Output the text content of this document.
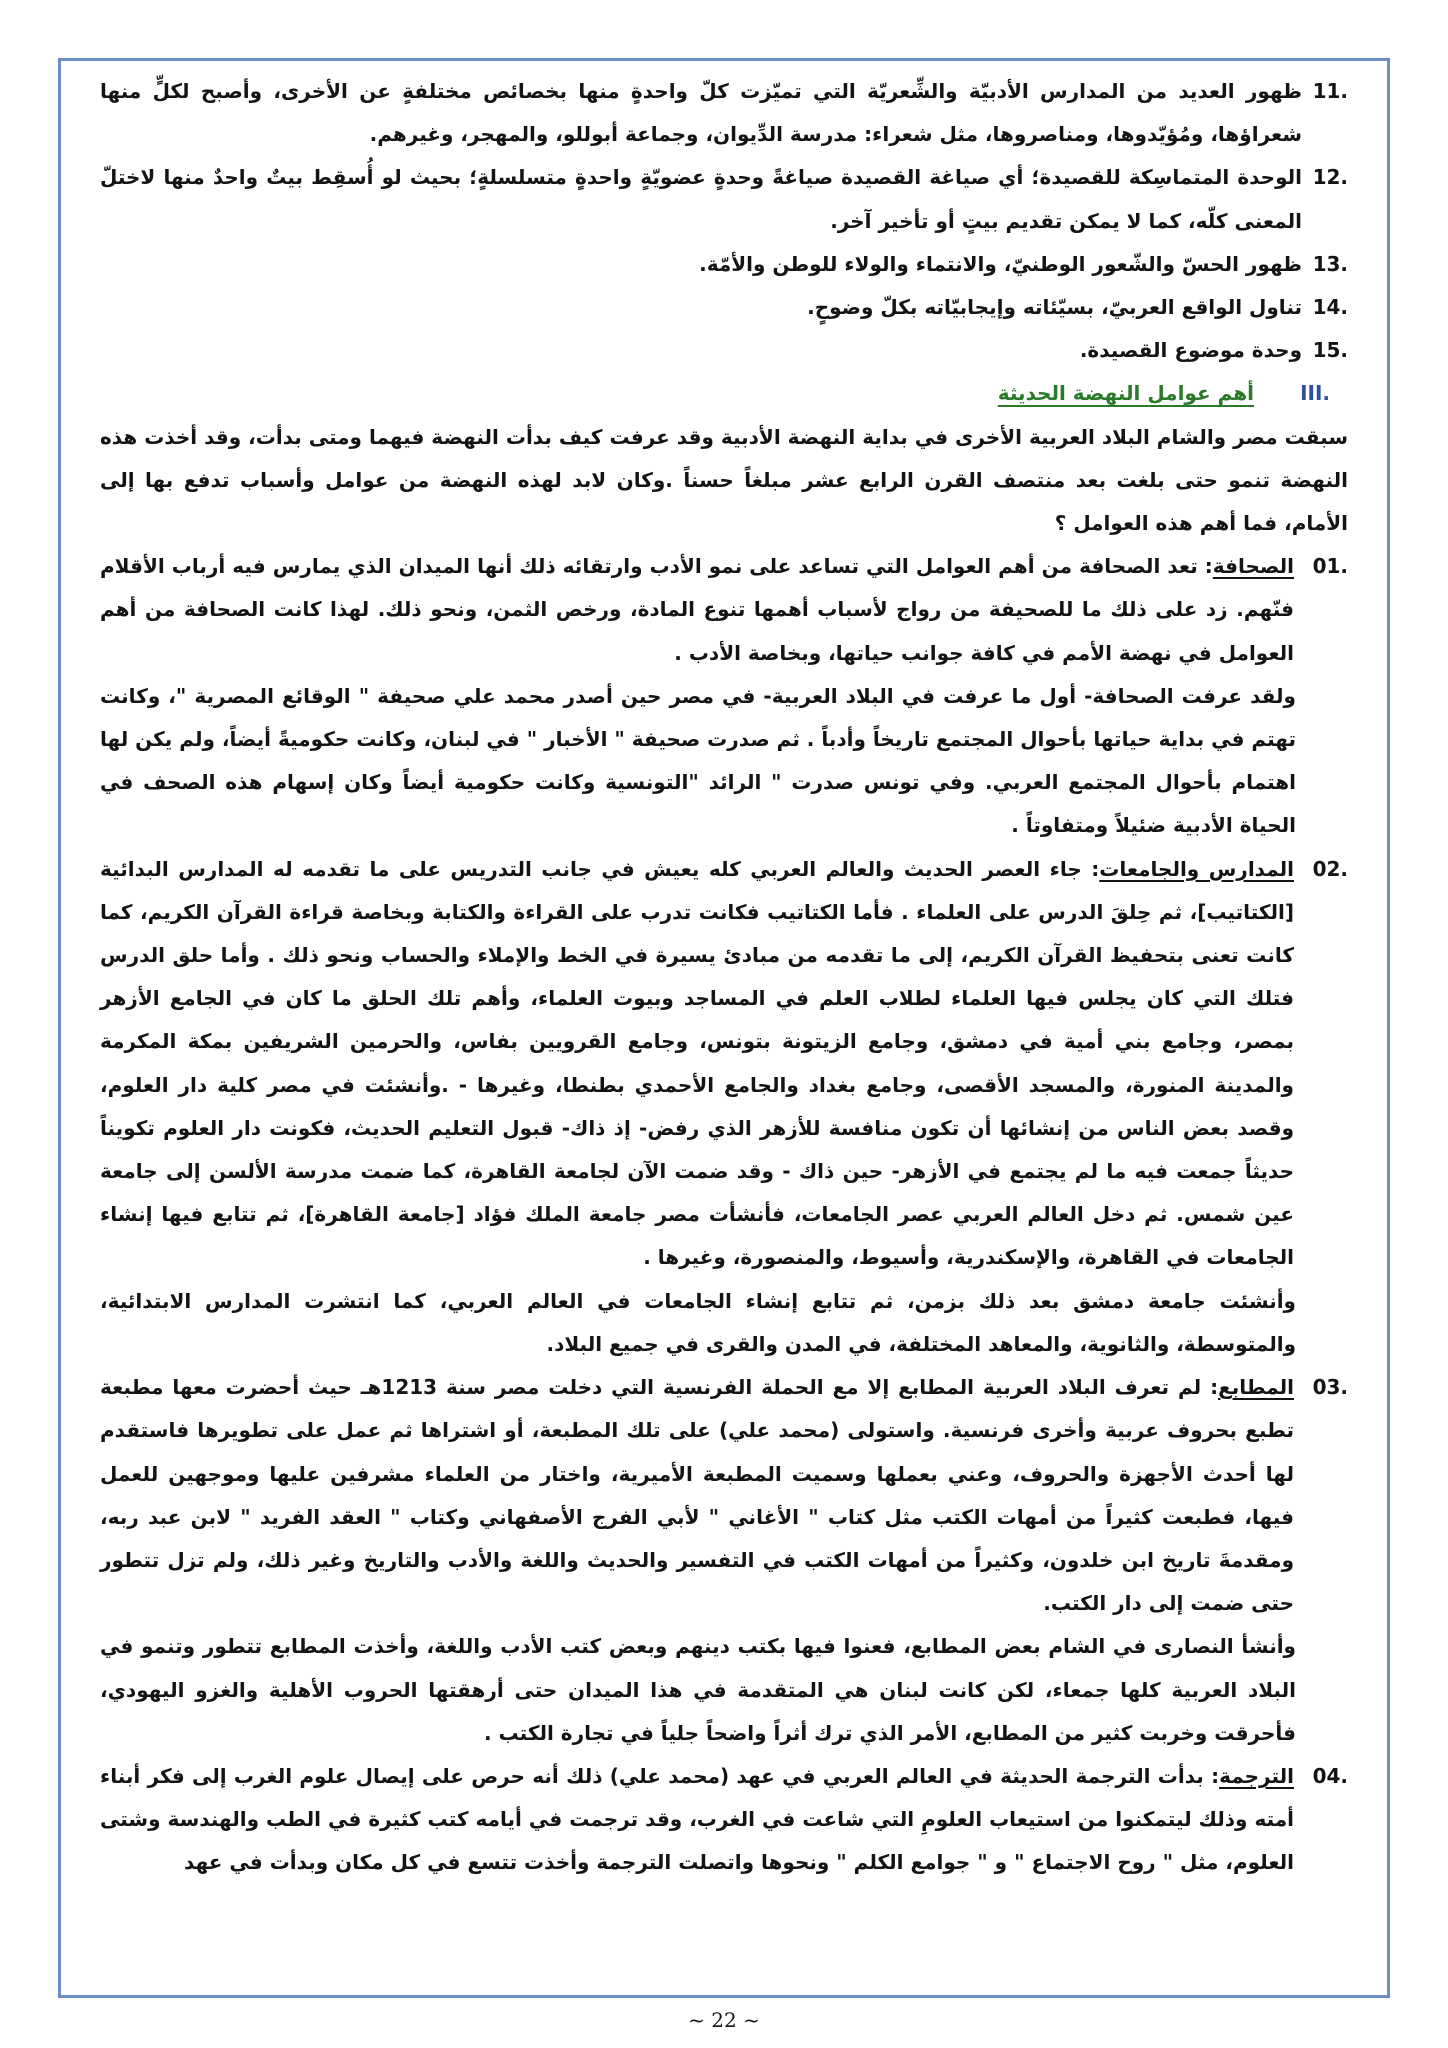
11.

ظهور العديد من المدارس الأدبيّة والشِّعريّة التي تميّزت كلّ واحدةٍ منها بخصائص مختلفةٍ عن الأخرى، وأصبح لكلٍّ منها شعراؤها، ومُؤيّدوها، ومناصروها، مثل شعراء: مدرسة الدِّيوان، وجماعة أبوللو، والمهجر، وغيرهم.

12.

الوحدة المتماسِكة للقصيدة؛ أي صياغة القصيدة صياغةً وحدةٍ عضويّةٍ واحدةٍ متسلسلةٍ؛ بحيث لو أُسقِط بيتٌ واحدٌ منها لاختلّ المعنى كلّه، كما لا يمكن تقديم بيتٍ أو تأخير آخر.

13.

ظهور الحسّ والشّعور الوطنيّ، والانتماء والولاء للوطن والأمّة.

14.

تناول الواقع العربيّ، بسيّئاته وإيجابيّاته بكلّ وضوحٍ.

15.

وحدة موضوع القصيدة.

III.
أهم عوامل النهضة الحديثة

سبقت مصر والشام البلاد العربية الأخرى في بداية النهضة الأدبية وقد عرفت كيف بدأت النهضة فيهما ومتى بدأت، وقد أخذت هذه النهضة تنمو حتى بلغت بعد منتصف القرن الرابع عشر مبلغاً حسناً .وكان لابد لهذه النهضة من عوامل وأسباب تدفع بها إلى الأمام، فما أهم هذه العوامل ؟

01.

الصحافة: تعد الصحافة من أهم العوامل التي تساعد على نمو الأدب وارتقائه ذلك أنها الميدان الذي يمارس فيه أرباب الأقلام فنّهم. زد على ذلك ما للصحيفة من رواج لأسباب أهمها تنوع المادة، ورخص الثمن، ونحو ذلك. لهذا كانت الصحافة من أهم العوامل في نهضة الأمم في كافة جوانب حياتها، وبخاصة الأدب .

ولقد عرفت الصحافة- أول ما عرفت في البلاد العربية- في مصر حين أصدر محمد علي صحيفة " الوقائع المصرية "، وكانت تهتم في بداية حياتها بأحوال المجتمع تاريخاً وأدباً . ثم صدرت صحيفة " الأخبار " في لبنان، وكانت حكوميةً أيضاً، ولم يكن لها اهتمام بأحوال المجتمع العربي. وفي تونس صدرت " الرائد "التونسية وكانت حكومية أيضاً وكان إسهام هذه الصحف في الحياة الأدبية ضئيلاً ومتفاوتاً .

02.

المدارس والجامعات: جاء العصر الحديث والعالم العربي كله يعيش في جانب التدريس على ما تقدمه له المدارس البدائية [الكتاتيب]، ثم حِلقَ الدرس على العلماء . فأما الكتاتيب فكانت تدرب على القراءة والكتابة وبخاصة قراءة القرآن الكريم، كما كانت تعنى بتحفيظ القرآن الكريم، إلى ما تقدمه من مبادئ يسيرة في الخط والإملاء والحساب ونحو ذلك . وأما حلق الدرس فتلك التي كان يجلس فيها العلماء لطلاب العلم في المساجد وبيوت العلماء، وأهم تلك الحلق ما كان في الجامع الأزهر بمصر، وجامع بني أمية في دمشق، وجامع الزيتونة بتونس، وجامع القرويين بفاس، والحرمين الشريفين بمكة المكرمة والمدينة المنورة، والمسجد الأقصى، وجامع بغداد والجامع الأحمدي بطنطا، وغيرها - .وأنشئت في مصر كلية دار العلوم، وقصد بعض الناس من إنشائها أن تكون منافسة للأزهر الذي رفض- إذ ذاك- قبول التعليم الحديث، فكونت دار العلوم تكويناً حديثاً جمعت فيه ما لم يجتمع في الأزهر- حين ذاك - وقد ضمت الآن لجامعة القاهرة، كما ضمت مدرسة الألسن إلى جامعة عين شمس. ثم دخل العالم العربي عصر الجامعات، فأنشأت مصر جامعة الملك فؤاد [جامعة القاهرة]، ثم تتابع فيها إنشاء الجامعات في القاهرة، والإسكندرية، وأسيوط، والمنصورة، وغيرها .

وأنشئت جامعة دمشق بعد ذلك بزمن، ثم تتابع إنشاء الجامعات في العالم العربي، كما انتشرت المدارس الابتدائية، والمتوسطة، والثانوية، والمعاهد المختلفة، في المدن والقرى في جميع البلاد.

03.

المطابع: لم تعرف البلاد العربية المطابع إلا مع الحملة الفرنسية التي دخلت مصر سنة 1213هـ حيث أحضرت معها مطبعة تطبع بحروف عربية وأخرى فرنسية. واستولى (محمد علي) على تلك المطبعة، أو اشتراها ثم عمل على تطويرها فاستقدم لها أحدث الأجهزة والحروف، وعني بعملها وسميت المطبعة الأميرية، واختار من العلماء مشرفين عليها وموجهين للعمل فيها، فطبعت كثيراً من أمهات الكتب مثل كتاب " الأغاني " لأبي الفرج الأصفهاني وكتاب " العقد الفريد " لابن عبد ربه، ومقدمةَ تاريخ ابن خلدون، وكثيراً من أمهات الكتب في التفسير والحديث واللغة والأدب والتاريخ وغير ذلك، ولم تزل تتطور حتى ضمت إلى دار الكتب.

وأنشأ النصارى في الشام بعض المطابع، فعنوا فيها بكتب دينهم وبعض كتب الأدب واللغة، وأخذت المطابع تتطور وتنمو في البلاد العربية كلها جمعاء، لكن كانت لبنان هي المتقدمة في هذا الميدان حتى أرهقتها الحروب الأهلية والغزو اليهودي، فأحرقت وخربت كثير من المطابع، الأمر الذي ترك أثراً واضحاً جلياً في تجارة الكتب .

04.

الترجمة: بدأت الترجمة الحديثة في العالم العربي في عهد (محمد علي) ذلك أنه حرص على إيصال علوم الغرب إلى فكر أبناء أمته وذلك ليتمكنوا من استيعاب العلومِ التي شاعت في الغرب، وقد ترجمت في أيامه كتب كثيرة في الطب والهندسة وشتى العلوم، مثل " روح الاجتماع " و " جوامع الكلم " ونحوها واتصلت الترجمة وأخذت تتسع في كل مكان وبدأت في عهد

~ 22 ~
